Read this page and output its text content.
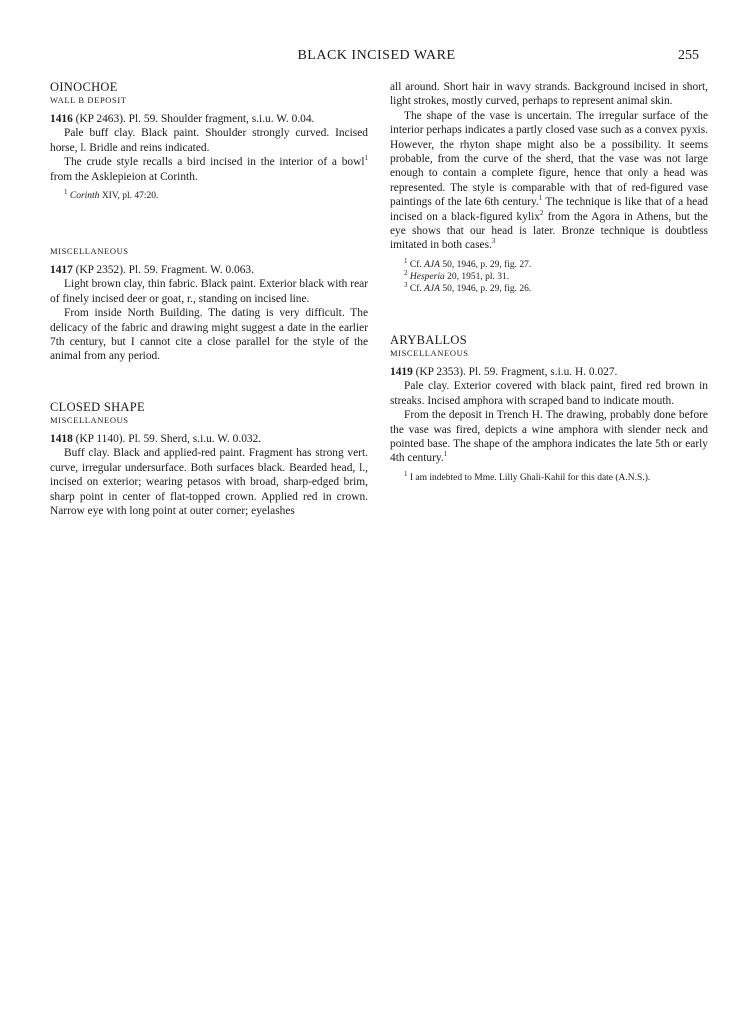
BLACK INCISED WARE	255

OINOCHOE

WALL B DEPOSIT

1416 (KP 2463). Pl. 59. Shoulder fragment, s.i.u. W. 0.04.

Pale buff clay. Black paint. Shoulder strongly curved. Incised horse, l. Bridle and reins indicated.

The crude style recalls a bird incised in the interior of a bowl$^1$ from the Asklepieion at Corinth.

$^1$ Corinth XIV, pl. 47:20.

MISCELLANEOUS

1417 (KP 2352). Pl. 59. Fragment. W. 0.063.

Light brown clay, thin fabric. Black paint. Exterior black with rear of finely incised deer or goat, r., standing on incised line.

From inside North Building. The dating is very difficult. The delicacy of the fabric and drawing might suggest a date in the earlier 7th century, but I cannot cite a close parallel for the style of the animal from any period.

CLOSED SHAPE

MISCELLANEOUS

1418 (KP 1140). Pl. 59. Sherd, s.i.u. W. 0.032.

Buff clay. Black and applied-red paint. Fragment has strong vert. curve, irregular undersurface. Both surfaces black. Bearded head, l., incised on exterior; wearing petasos with broad, sharp-edged brim, sharp point in center of flat-topped crown. Applied red in crown. Narrow eye with long point at outer corner; eyelashes

all around. Short hair in wavy strands. Background incised in short, light strokes, mostly curved, perhaps to represent animal skin.

The shape of the vase is uncertain. The irregular surface of the interior perhaps indicates a partly closed vase such as a convex pyxis. However, the rhyton shape might also be a possibility. It seems probable, from the curve of the sherd, that the vase was not large enough to contain a complete figure, hence that only a head was represented. The style is comparable with that of red-figured vase paintings of the late 6th century.$^1$ The technique is like that of a head incised on a black-figured kylix$^2$ from the Agora in Athens, but the eye shows that our head is later. Bronze technique is doubtless imitated in both cases.$^3$

$^1$ Cf. AJA 50, 1946, p. 29, fig. 27.

$^2$ Hesperia 20, 1951, pl. 31.

$^3$ Cf. AJA 50, 1946, p. 29, fig. 26.

ARYBALLOS

MISCELLANEOUS

1419 (KP 2353). Pl. 59. Fragment, s.i.u. H. 0.027.

Pale clay. Exterior covered with black paint, fired red brown in streaks. Incised amphora with scraped band to indicate mouth.

From the deposit in Trench H. The drawing, probably done before the vase was fired, depicts a wine amphora with slender neck and pointed base. The shape of the amphora indicates the late 5th or early 4th century.$^1$

$^1$ I am indebted to Mme. Lilly Ghali-Kahil for this date (A.N.S.).
